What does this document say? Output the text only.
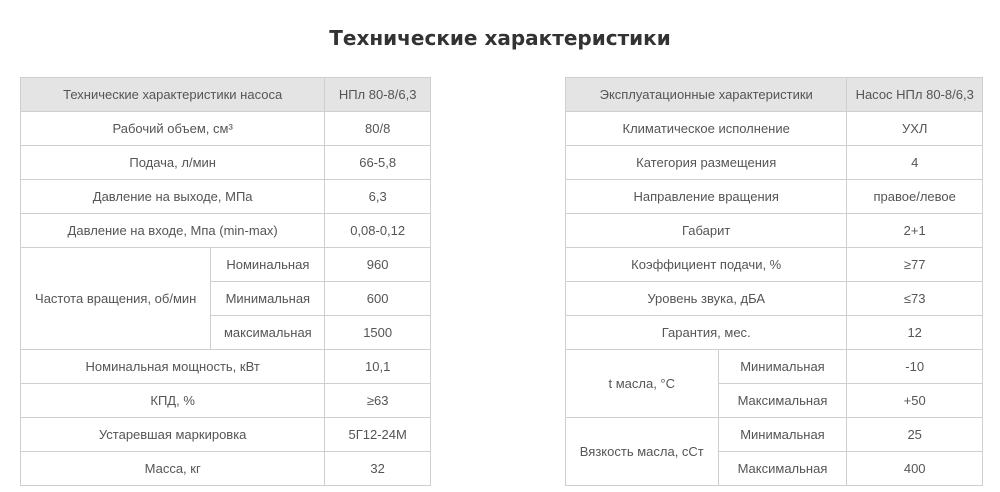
Технические характеристики
Технические характеристики насоса		НПл 80-8/6,3
Рабочий объем, см³		80/8
Подача, л/мин		66-5,8
Давление на выходе, МПа		6,3
Давление на входе, Мпа (min-max)		0,08-0,12
Частота вращения, об/мин	Номинальная	960
	Минимальная	600
	максимальная	1500
Номинальная мощность, кВт		10,1
КПД, %		≥63
Устаревшая маркировка		5Г12-24М
Масса, кг		32
Эксплуатационные характеристики		Насос НПл 80-8/6,3
Климатическое исполнение		УХЛ
Категория размещения		4
Направление вращения		правое/левое
Габарит		2+1
Коэффициент подачи, %		≥77
Уровень звука, дБА		≤73
Гарантия, мес.		12
t масла, °С	Минимальная	-10
	Максимальная	+50
Вязкость масла, сСт	Минимальная	25
	Максимальная	400
